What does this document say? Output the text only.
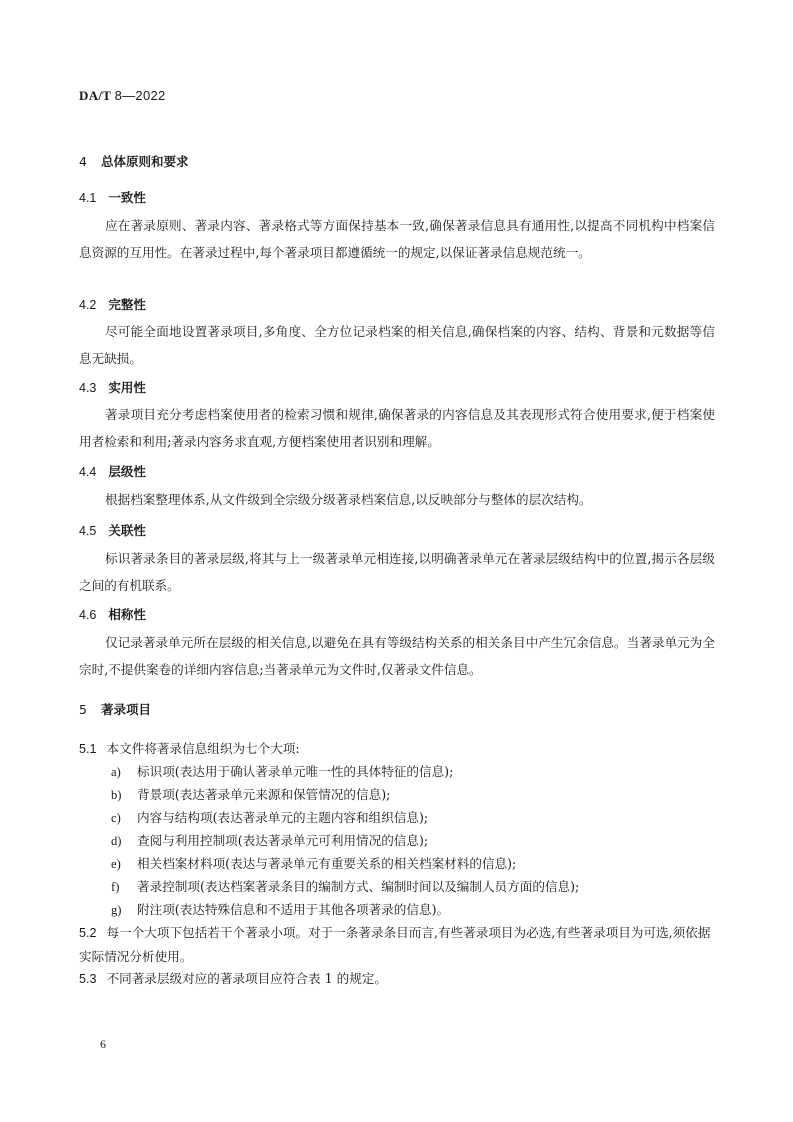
DA/T 8—2022
4 总体原则和要求
4.1 一致性
应在著录原则、著录内容、著录格式等方面保持基本一致,确保著录信息具有通用性,以提高不同机构中档案信息资源的互用性。在著录过程中,每个著录项目都遵循统一的规定,以保证著录信息规范统一。
4.2 完整性
尽可能全面地设置著录项目,多角度、全方位记录档案的相关信息,确保档案的内容、结构、背景和元数据等信息无缺损。
4.3 实用性
著录项目充分考虑档案使用者的检索习惯和规律,确保著录的内容信息及其表现形式符合使用要求,便于档案使用者检索和利用;著录内容务求直观,方便档案使用者识别和理解。
4.4 层级性
根据档案整理体系,从文件级到全宗级分级著录档案信息,以反映部分与整体的层次结构。
4.5 关联性
标识著录条目的著录层级,将其与上一级著录单元相连接,以明确著录单元在著录层级结构中的位置,揭示各层级之间的有机联系。
4.6 相称性
仅记录著录单元所在层级的相关信息,以避免在具有等级结构关系的相关条目中产生冗余信息。当著录单元为全宗时,不提供案卷的详细内容信息;当著录单元为文件时,仅著录文件信息。
5 著录项目
5.1 本文件将著录信息组织为七个大项:
a) 标识项(表达用于确认著录单元唯一性的具体特征的信息);
b) 背景项(表达著录单元来源和保管情况的信息);
c) 内容与结构项(表达著录单元的主题内容和组织信息);
d) 查阅与利用控制项(表达著录单元可利用情况的信息);
e) 相关档案材料项(表达与著录单元有重要关系的相关档案材料的信息);
f) 著录控制项(表达档案著录条目的编制方式、编制时间以及编制人员方面的信息);
g) 附注项(表达特殊信息和不适用于其他各项著录的信息)。
5.2 每一个大项下包括若干个著录小项。对于一条著录条目而言,有些著录项目为必选,有些著录项目为可选,须依据实际情况分析使用。
5.3 不同著录层级对应的著录项目应符合表 1 的规定。
6
